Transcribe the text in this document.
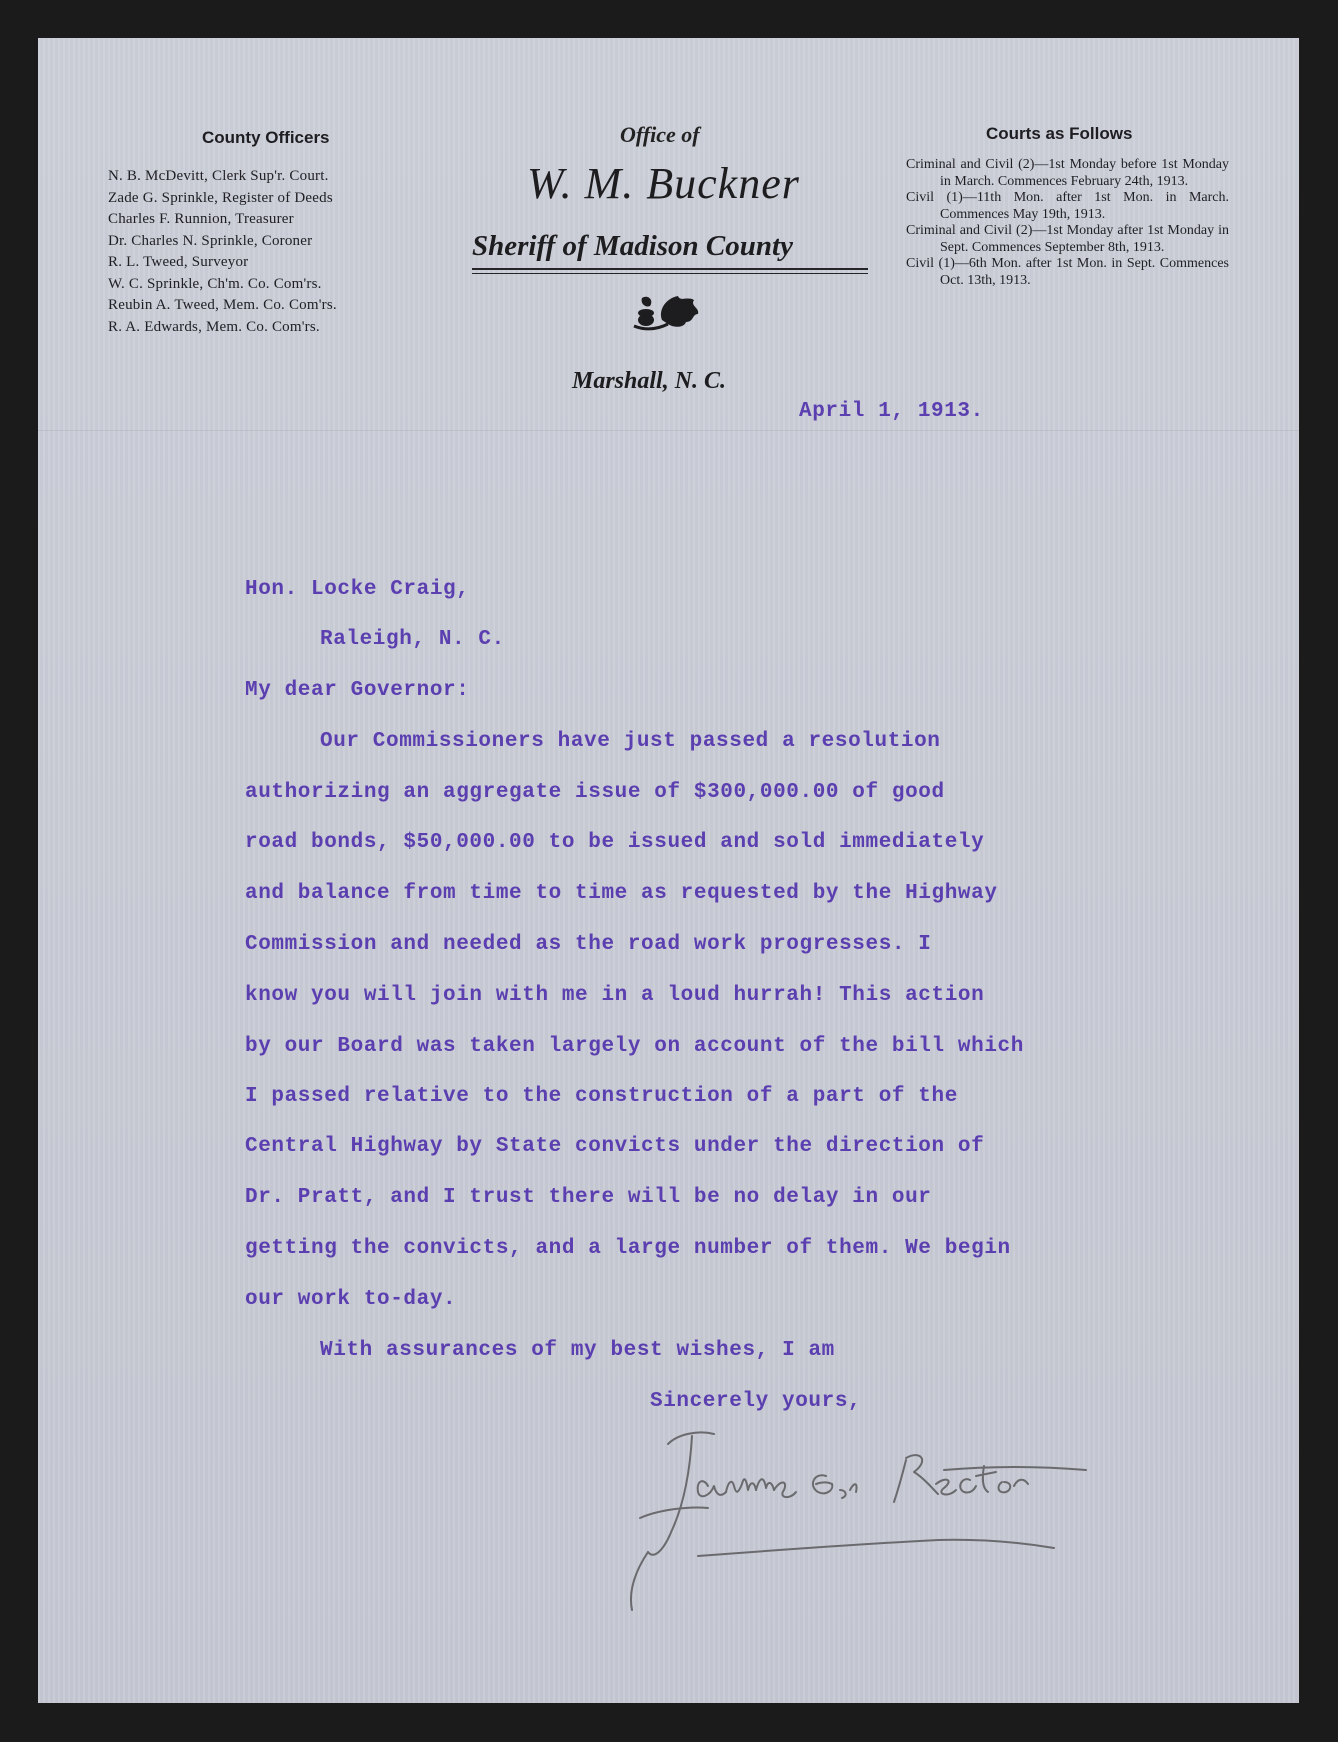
County Officers
N. B. McDevitt, Clerk Sup'r. Court.
Zade G. Sprinkle, Register of Deeds
Charles F. Runnion, Treasurer
Dr. Charles N. Sprinkle, Coroner
R. L. Tweed, Surveyor
W. C. Sprinkle, Ch'm. Co. Com'rs.
Reubin A. Tweed, Mem. Co. Com'rs.
R. A. Edwards, Mem. Co. Com'rs.
Office of
W. M. Buckner
Sheriff of Madison County
Marshall, N. C.
Courts as Follows
Criminal and Civil (2)—1st Monday before 1st Monday in March. Commences February 24th, 1913.
Civil (1)—11th Mon. after 1st Mon. in March. Commences May 19th, 1913.
Criminal and Civil (2)—1st Monday after 1st Monday in Sept. Commences September 8th, 1913.
Civil (1)—6th Mon. after 1st Mon. in Sept. Commences Oct. 13th, 1913.
April 1, 1913.
Hon. Locke Craig,
Raleigh, N. C.
My dear Governor:
Our Commissioners have just passed a resolution
authorizing an aggregate issue of $300,000.00 of good
road bonds, $50,000.00 to be issued and sold immediately
and balance from time to time as requested by the Highway
Commission and needed as the road work progresses. I
know you will join with me in a loud hurrah! This action
by our Board was taken largely on account of the bill which
I passed relative to the construction of a part of the
Central Highway by State convicts under the direction of
Dr. Pratt, and I trust there will be no delay in our
getting the convicts, and a large number of them. We begin
our work to-day.
With assurances of my best wishes, I am
Sincerely yours,
